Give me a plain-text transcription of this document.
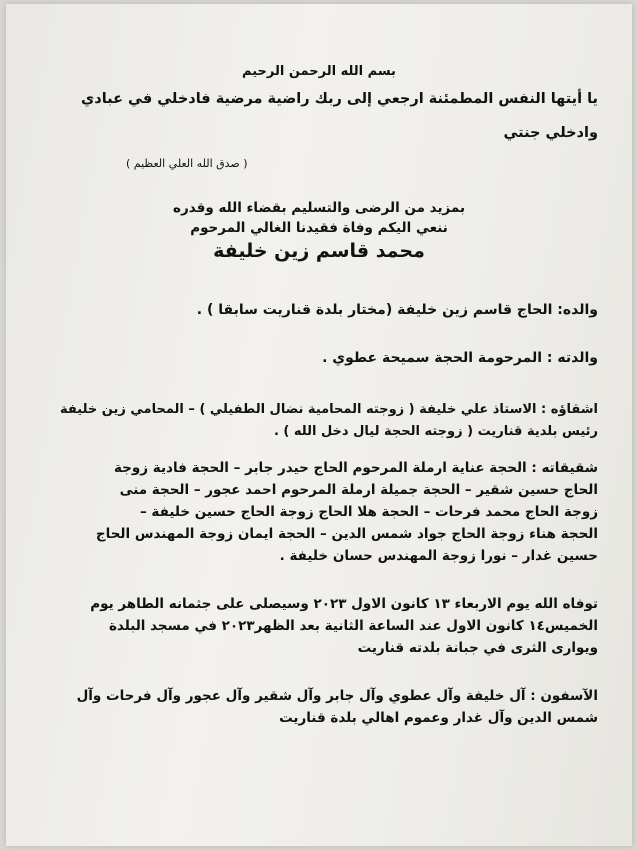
بسم الله الرحمن الرحيم
يا أيتها النفس المطمئنة ارجعي إلى ربك راضية مرضية فادخلي في عبادي
وادخلي جنتي
( صدق الله العلي العظيم )
بمزيد من الرضى والتسليم بقضاء الله وقدره
ننعي اليكم وفاة فقيدنا الغالي المرحوم
محمد قاسم زين خليفة
والده: الحاج قاسم زين خليفة (مختار بلدة قناريت سابقا ) .
والدته : المرحومة الحجة سميحة عطوي .
اشقاؤه : الاستاذ علي خليفة ( زوجته المحامية نضال الطفيلي ) – المحامي زين خليفة
رئيس بلدية قناريت ( زوجته الحجة ليال دخل الله ) .
شقيقاته : الحجة عناية ارملة المرحوم الحاج حيدر جابر – الحجة فادية زوجة
الحاج حسين شقير – الحجة جميلة ارملة المرحوم احمد عجور – الحجة منى
زوجة الحاج محمد فرحات – الحجة هلا الحاج زوجة الحاج حسين خليفة –
الحجة هناء زوجة الحاج جواد شمس الدين – الحجة ايمان زوجة المهندس الحاج
حسين غدار – نورا زوجة المهندس حسان خليفة .
توفاه الله يوم الاربعاء ١٣ كانون الاول ٢٠٢٣ وسيصلى على جثمانه الطاهر يوم
الخميس١٤ كانون الاول عند الساعة الثانية بعد الظهر٢٠٢٣ في مسجد البلدة
ويوارى الثرى في جبانة بلدته قناريت
الآسفون : آل خليفة وآل عطوي وآل جابر وآل شقير وآل عجور وآل فرحات وآل
شمس الدين وآل غدار وعموم اهالي بلدة قناريت
